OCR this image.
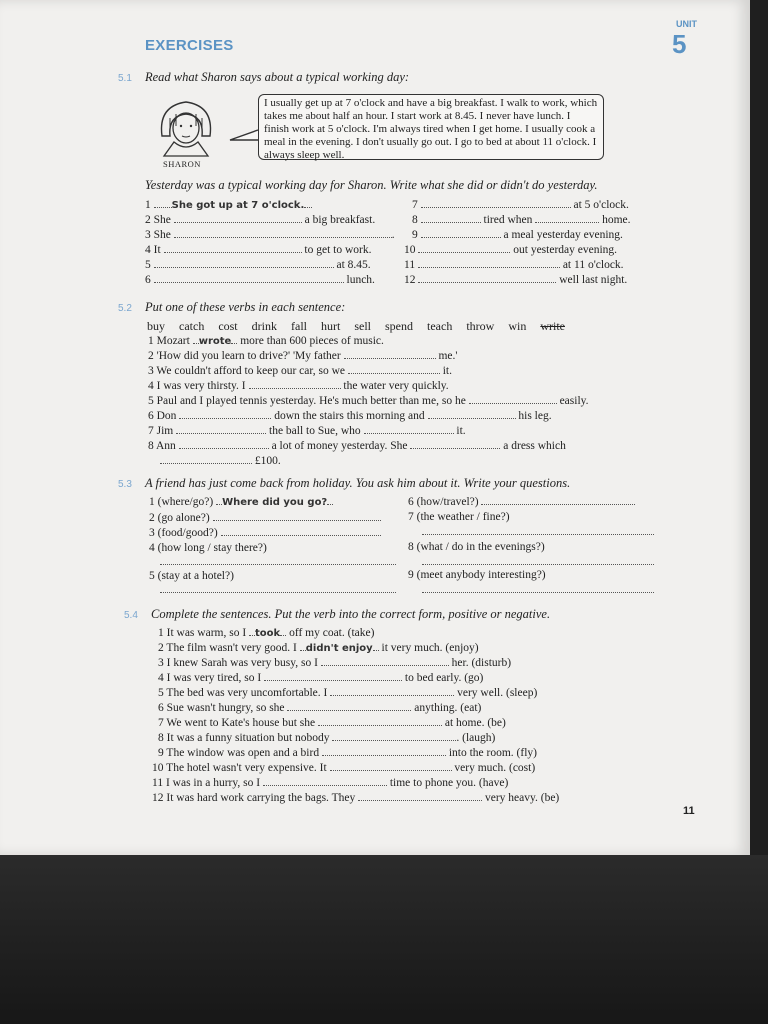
EXERCISES
UNIT
5
5.1 Read what Sharon says about a typical working day:
SHARON
I usually get up at 7 o'clock and have a big breakfast. I walk to work, which takes me about half an hour. I start work at 8.45. I never have lunch. I finish work at 5 o'clock. I'm always tired when I get home. I usually cook a meal in the evening. I don't usually go out. I go to bed at about 11 o'clock. I always sleep well.
Yesterday was a typical working day for Sharon. Write what she did or didn't do yesterday.
1 She got up at 7 o'clock.
2 She	a big breakfast.
3 She	.
4 It	to get to work.
5	at 8.45.
6	lunch.
7	at 5 o'clock.
8	tired when	home.
9	a meal yesterday evening.
10	out yesterday evening.
11	at 11 o'clock.
12	well last night.
5.2 Put one of these verbs in each sentence:
buy catch cost drink fall hurt sell spend teach throw win write
1 Mozart wrote more than 600 pieces of music.
2 'How did you learn to drive?' 'My father	me.'
3 We couldn't afford to keep our car, so we	it.
4 I was very thirsty. I	the water very quickly.
5 Paul and I played tennis yesterday. He's much better than me, so he	easily.
6 Don	down the stairs this morning and	his leg.
7 Jim	the ball to Sue, who	it.
8 Ann	a lot of money yesterday. She	a dress which
£100.
5.3 A friend has just come back from holiday. You ask him about it. Write your questions.
1 (where/go?) Where did you go?
2 (go alone?)
3 (food/good?)
4 (how long / stay there?)
5 (stay at a hotel?)
6 (how/travel?)
7 (the weather / fine?)
8 (what / do in the evenings?)
9 (meet anybody interesting?)
5.4 Complete the sentences. Put the verb into the correct form, positive or negative.
1 It was warm, so I took off my coat. (take)
2 The film wasn't very good. I didn't enjoy it very much. (enjoy)
3 I knew Sarah was very busy, so I	her. (disturb)
4 I was very tired, so I	to bed early. (go)
5 The bed was very uncomfortable. I	very well. (sleep)
6 Sue wasn't hungry, so she	anything. (eat)
7 We went to Kate's house but she	at home. (be)
8 It was a funny situation but nobody	. (laugh)
9 The window was open and a bird	into the room. (fly)
10 The hotel wasn't very expensive. It	very much. (cost)
11 I was in a hurry, so I	time to phone you. (have)
12 It was hard work carrying the bags. They	very heavy. (be)
11
